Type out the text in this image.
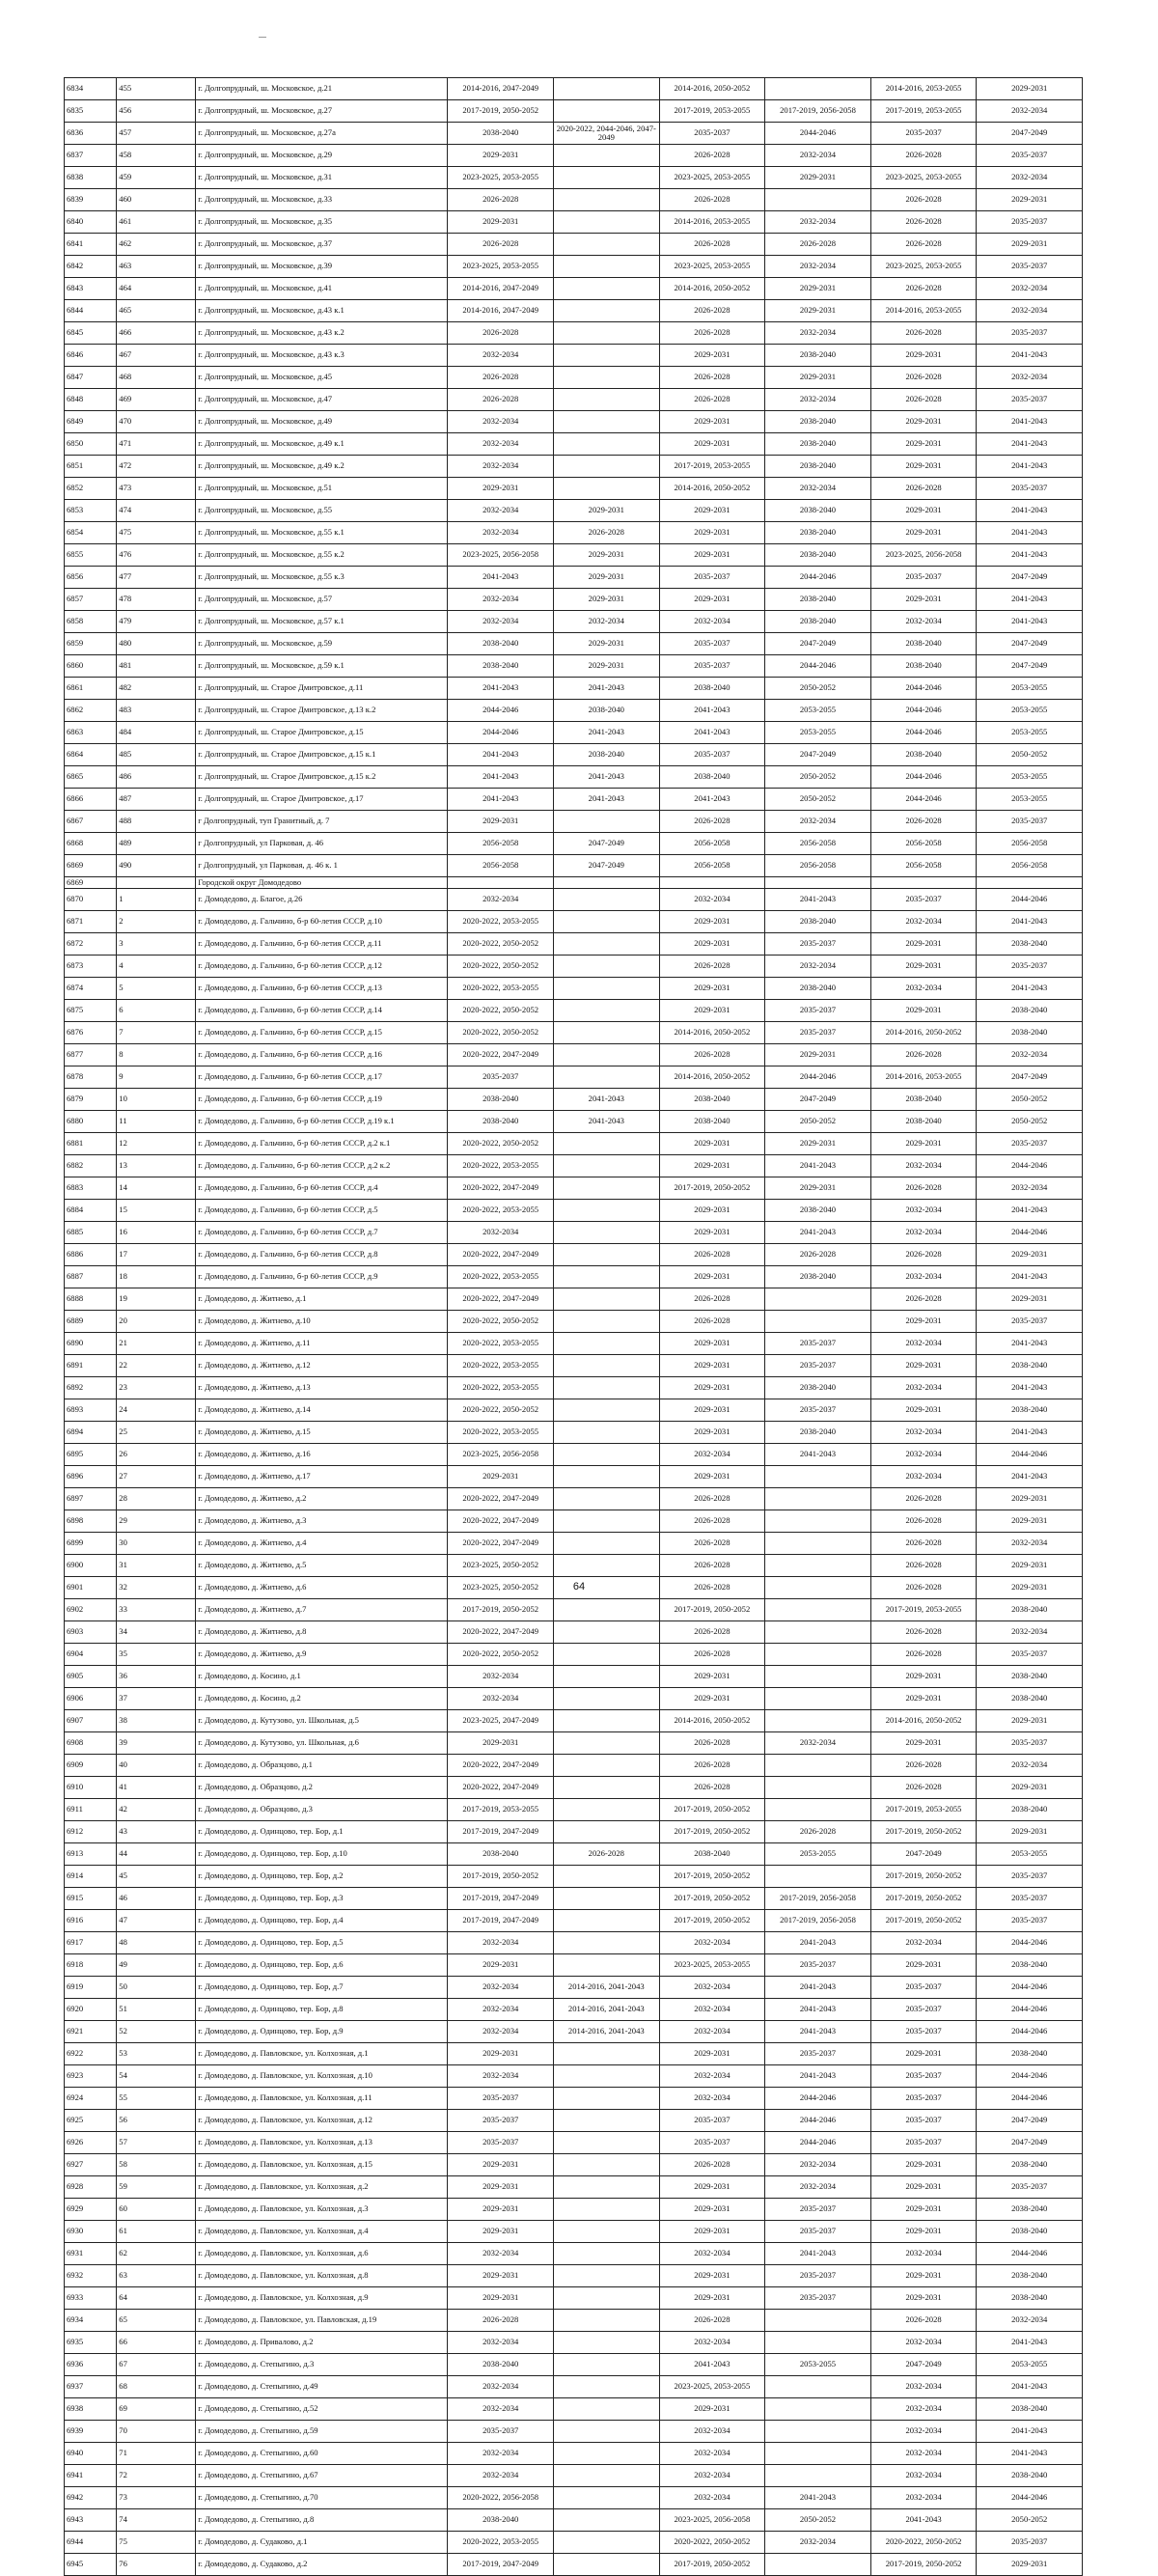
6834	455	г. Долгопрудный, ш. Московское, д.21	2014-2016, 2047-2049		2014-2016, 2050-2052		2014-2016, 2053-2055	2029-2031
6835	456	г. Долгопрудный, ш. Московское, д.27	2017-2019, 2050-2052		2017-2019, 2053-2055	2017-2019, 2056-2058	2017-2019, 2053-2055	2032-2034
6836	457	г. Долгопрудный, ш. Московское, д.27а	2038-2040	2020-2022, 2044-2046, 2047-2049	2035-2037	2044-2046	2035-2037	2047-2049
6837	458	г. Долгопрудный, ш. Московское, д.29	2029-2031		2026-2028	2032-2034	2026-2028	2035-2037
6838	459	г. Долгопрудный, ш. Московское, д.31	2023-2025, 2053-2055		2023-2025, 2053-2055	2029-2031	2023-2025, 2053-2055	2032-2034
6839	460	г. Долгопрудный, ш. Московское, д.33	2026-2028		2026-2028		2026-2028	2029-2031
6840	461	г. Долгопрудный, ш. Московское, д.35	2029-2031		2014-2016, 2053-2055	2032-2034	2026-2028	2035-2037
6841	462	г. Долгопрудный, ш. Московское, д.37	2026-2028		2026-2028	2026-2028	2026-2028	2029-2031
6842	463	г. Долгопрудный, ш. Московское, д.39	2023-2025, 2053-2055		2023-2025, 2053-2055	2032-2034	2023-2025, 2053-2055	2035-2037
6843	464	г. Долгопрудный, ш. Московское, д.41	2014-2016, 2047-2049		2014-2016, 2050-2052	2029-2031	2026-2028	2032-2034
6844	465	г. Долгопрудный, ш. Московское, д.43 к.1	2014-2016, 2047-2049		2026-2028	2029-2031	2014-2016, 2053-2055	2032-2034
6845	466	г. Долгопрудный, ш. Московское, д.43 к.2	2026-2028		2026-2028	2032-2034	2026-2028	2035-2037
6846	467	г. Долгопрудный, ш. Московское, д.43 к.3	2032-2034		2029-2031	2038-2040	2029-2031	2041-2043
6847	468	г. Долгопрудный, ш. Московское, д.45	2026-2028		2026-2028	2029-2031	2026-2028	2032-2034
6848	469	г. Долгопрудный, ш. Московское, д.47	2026-2028		2026-2028	2032-2034	2026-2028	2035-2037
6849	470	г. Долгопрудный, ш. Московское, д.49	2032-2034		2029-2031	2038-2040	2029-2031	2041-2043
6850	471	г. Долгопрудный, ш. Московское, д.49 к.1	2032-2034		2029-2031	2038-2040	2029-2031	2041-2043
6851	472	г. Долгопрудный, ш. Московское, д.49 к.2	2032-2034		2017-2019, 2053-2055	2038-2040	2029-2031	2041-2043
6852	473	г. Долгопрудный, ш. Московское, д.51	2029-2031		2014-2016, 2050-2052	2032-2034	2026-2028	2035-2037
6853	474	г. Долгопрудный, ш. Московское, д.55	2032-2034	2029-2031	2029-2031	2038-2040	2029-2031	2041-2043
6854	475	г. Долгопрудный, ш. Московское, д.55 к.1	2032-2034	2026-2028	2029-2031	2038-2040	2029-2031	2041-2043
6855	476	г. Долгопрудный, ш. Московское, д.55 к.2	2023-2025, 2056-2058	2029-2031	2029-2031	2038-2040	2023-2025, 2056-2058	2041-2043
6856	477	г. Долгопрудный, ш. Московское, д.55 к.3	2041-2043	2029-2031	2035-2037	2044-2046	2035-2037	2047-2049
6857	478	г. Долгопрудный, ш. Московское, д.57	2032-2034	2029-2031	2029-2031	2038-2040	2029-2031	2041-2043
6858	479	г. Долгопрудный, ш. Московское, д.57 к.1	2032-2034	2032-2034	2032-2034	2038-2040	2032-2034	2041-2043
6859	480	г. Долгопрудный, ш. Московское, д.59	2038-2040	2029-2031	2035-2037	2047-2049	2038-2040	2047-2049
6860	481	г. Долгопрудный, ш. Московское, д.59 к.1	2038-2040	2029-2031	2035-2037	2044-2046	2038-2040	2047-2049
6861	482	г. Долгопрудный, ш. Старое Дмитровское, д.11	2041-2043	2041-2043	2038-2040	2050-2052	2044-2046	2053-2055
6862	483	г. Долгопрудный, ш. Старое Дмитровское, д.13 к.2	2044-2046	2038-2040	2041-2043	2053-2055	2044-2046	2053-2055
6863	484	г. Долгопрудный, ш. Старое Дмитровское, д.15	2044-2046	2041-2043	2041-2043	2053-2055	2044-2046	2053-2055
6864	485	г. Долгопрудный, ш. Старое Дмитровское, д.15 к.1	2041-2043	2038-2040	2035-2037	2047-2049	2038-2040	2050-2052
6865	486	г. Долгопрудный, ш. Старое Дмитровское, д.15 к.2	2041-2043	2041-2043	2038-2040	2050-2052	2044-2046	2053-2055
6866	487	г. Долгопрудный, ш. Старое Дмитровское, д.17	2041-2043	2041-2043	2041-2043	2050-2052	2044-2046	2053-2055
6867	488	г Долгопрудный, туп Гранитный, д. 7	2029-2031		2026-2028	2032-2034	2026-2028	2035-2037
6868	489	г Долгопрудный, ул Парковая, д. 46	2056-2058	2047-2049	2056-2058	2056-2058	2056-2058	2056-2058
6869	490	г Долгопрудный, ул Парковая, д. 46 к. 1	2056-2058	2047-2049	2056-2058	2056-2058	2056-2058	2056-2058
6869		Городской округ Домодедово						
6870	1	г. Домодедово, д. Благое, д.26	2032-2034		2032-2034	2041-2043	2035-2037	2044-2046
6871	2	г. Домодедово, д. Гальчино, б-р 60-летия СССР, д.10	2020-2022, 2053-2055		2029-2031	2038-2040	2032-2034	2041-2043
6872	3	г. Домодедово, д. Гальчино, б-р 60-летия СССР, д.11	2020-2022, 2050-2052		2029-2031	2035-2037	2029-2031	2038-2040
6873	4	г. Домодедово, д. Гальчино, б-р 60-летия СССР, д.12	2020-2022, 2050-2052		2026-2028	2032-2034	2029-2031	2035-2037
6874	5	г. Домодедово, д. Гальчино, б-р 60-летия СССР, д.13	2020-2022, 2053-2055		2029-2031	2038-2040	2032-2034	2041-2043
6875	6	г. Домодедово, д. Гальчино, б-р 60-летия СССР, д.14	2020-2022, 2050-2052		2029-2031	2035-2037	2029-2031	2038-2040
6876	7	г. Домодедово, д. Гальчино, б-р 60-летия СССР, д.15	2020-2022, 2050-2052		2014-2016, 2050-2052	2035-2037	2014-2016, 2050-2052	2038-2040
6877	8	г. Домодедово, д. Гальчино, б-р 60-летия СССР, д.16	2020-2022, 2047-2049		2026-2028	2029-2031	2026-2028	2032-2034
6878	9	г. Домодедово, д. Гальчино, б-р 60-летия СССР, д.17	2035-2037		2014-2016, 2050-2052	2044-2046	2014-2016, 2053-2055	2047-2049
6879	10	г. Домодедово, д. Гальчино, б-р 60-летия СССР, д.19	2038-2040	2041-2043	2038-2040	2047-2049	2038-2040	2050-2052
6880	11	г. Домодедово, д. Гальчино, б-р 60-летия СССР, д.19 к.1	2038-2040	2041-2043	2038-2040	2050-2052	2038-2040	2050-2052
6881	12	г. Домодедово, д. Гальчино, б-р 60-летия СССР, д.2 к.1	2020-2022, 2050-2052		2029-2031	2029-2031	2029-2031	2035-2037
6882	13	г. Домодедово, д. Гальчино, б-р 60-летия СССР, д.2 к.2	2020-2022, 2053-2055		2029-2031	2041-2043	2032-2034	2044-2046
6883	14	г. Домодедово, д. Гальчино, б-р 60-летия СССР, д.4	2020-2022, 2047-2049		2017-2019, 2050-2052	2029-2031	2026-2028	2032-2034
6884	15	г. Домодедово, д. Гальчино, б-р 60-летия СССР, д.5	2020-2022, 2053-2055		2029-2031	2038-2040	2032-2034	2041-2043
6885	16	г. Домодедово, д. Гальчино, б-р 60-летия СССР, д.7	2032-2034		2029-2031	2041-2043	2032-2034	2044-2046
6886	17	г. Домодедово, д. Гальчино, б-р 60-летия СССР, д.8	2020-2022, 2047-2049		2026-2028	2026-2028	2026-2028	2029-2031
6887	18	г. Домодедово, д. Гальчино, б-р 60-летия СССР, д.9	2020-2022, 2053-2055		2029-2031	2038-2040	2032-2034	2041-2043
6888	19	г. Домодедово, д. Житнево, д.1	2020-2022, 2047-2049		2026-2028		2026-2028	2029-2031
6889	20	г. Домодедово, д. Житнево, д.10	2020-2022, 2050-2052		2026-2028		2029-2031	2035-2037
6890	21	г. Домодедово, д. Житнево, д.11	2020-2022, 2053-2055		2029-2031	2035-2037	2032-2034	2041-2043
6891	22	г. Домодедово, д. Житнево, д.12	2020-2022, 2053-2055		2029-2031	2035-2037	2029-2031	2038-2040
6892	23	г. Домодедово, д. Житнево, д.13	2020-2022, 2053-2055		2029-2031	2038-2040	2032-2034	2041-2043
6893	24	г. Домодедово, д. Житнево, д.14	2020-2022, 2050-2052		2029-2031	2035-2037	2029-2031	2038-2040
6894	25	г. Домодедово, д. Житнево, д.15	2020-2022, 2053-2055		2029-2031	2038-2040	2032-2034	2041-2043
6895	26	г. Домодедово, д. Житнево, д.16	2023-2025, 2056-2058		2032-2034	2041-2043	2032-2034	2044-2046
6896	27	г. Домодедово, д. Житнево, д.17	2029-2031		2029-2031		2032-2034	2041-2043
6897	28	г. Домодедово, д. Житнево, д.2	2020-2022, 2047-2049		2026-2028		2026-2028	2029-2031
6898	29	г. Домодедово, д. Житнево, д.3	2020-2022, 2047-2049		2026-2028		2026-2028	2029-2031
6899	30	г. Домодедово, д. Житнево, д.4	2020-2022, 2047-2049		2026-2028		2026-2028	2032-2034
6900	31	г. Домодедово, д. Житнево, д.5	2023-2025, 2050-2052		2026-2028		2026-2028	2029-2031
6901	32	г. Домодедово, д. Житнево, д.6	2023-2025, 2050-2052		2026-2028		2026-2028	2029-2031
6902	33	г. Домодедово, д. Житнево, д.7	2017-2019, 2050-2052		2017-2019, 2050-2052		2017-2019, 2053-2055	2038-2040
6903	34	г. Домодедово, д. Житнево, д.8	2020-2022, 2047-2049		2026-2028		2026-2028	2032-2034
6904	35	г. Домодедово, д. Житнево, д.9	2020-2022, 2050-2052		2026-2028		2026-2028	2035-2037
6905	36	г. Домодедово, д. Косино, д.1	2032-2034		2029-2031		2029-2031	2038-2040
6906	37	г. Домодедово, д. Косино, д.2	2032-2034		2029-2031		2029-2031	2038-2040
6907	38	г. Домодедово, д. Кутузово, ул. Школьная, д.5	2023-2025, 2047-2049		2014-2016, 2050-2052		2014-2016, 2050-2052	2029-2031
6908	39	г. Домодедово, д. Кутузово, ул. Школьная, д.6	2029-2031		2026-2028	2032-2034	2029-2031	2035-2037
6909	40	г. Домодедово, д. Образцово, д.1	2020-2022, 2047-2049		2026-2028		2026-2028	2032-2034
6910	41	г. Домодедово, д. Образцово, д.2	2020-2022, 2047-2049		2026-2028		2026-2028	2029-2031
6911	42	г. Домодедово, д. Образцово, д.3	2017-2019, 2053-2055		2017-2019, 2050-2052		2017-2019, 2053-2055	2038-2040
6912	43	г. Домодедово, д. Одинцово, тер. Бор, д.1	2017-2019, 2047-2049		2017-2019, 2050-2052	2026-2028	2017-2019, 2050-2052	2029-2031
6913	44	г. Домодедово, д. Одинцово, тер. Бор, д.10	2038-2040	2026-2028	2038-2040	2053-2055	2047-2049	2053-2055
6914	45	г. Домодедово, д. Одинцово, тер. Бор, д.2	2017-2019, 2050-2052		2017-2019, 2050-2052		2017-2019, 2050-2052	2035-2037
6915	46	г. Домодедово, д. Одинцово, тер. Бор, д.3	2017-2019, 2047-2049		2017-2019, 2050-2052	2017-2019, 2056-2058	2017-2019, 2050-2052	2035-2037
6916	47	г. Домодедово, д. Одинцово, тер. Бор, д.4	2017-2019, 2047-2049		2017-2019, 2050-2052	2017-2019, 2056-2058	2017-2019, 2050-2052	2035-2037
6917	48	г. Домодедово, д. Одинцово, тер. Бор, д.5	2032-2034		2032-2034	2041-2043	2032-2034	2044-2046
6918	49	г. Домодедово, д. Одинцово, тер. Бор, д.6	2029-2031		2023-2025, 2053-2055	2035-2037	2029-2031	2038-2040
6919	50	г. Домодедово, д. Одинцово, тер. Бор, д.7	2032-2034	2014-2016, 2041-2043	2032-2034	2041-2043	2035-2037	2044-2046
6920	51	г. Домодедово, д. Одинцово, тер. Бор, д.8	2032-2034	2014-2016, 2041-2043	2032-2034	2041-2043	2035-2037	2044-2046
6921	52	г. Домодедово, д. Одинцово, тер. Бор, д.9	2032-2034	2014-2016, 2041-2043	2032-2034	2041-2043	2035-2037	2044-2046
6922	53	г. Домодедово, д. Павловское, ул. Колхозная, д.1	2029-2031		2029-2031	2035-2037	2029-2031	2038-2040
6923	54	г. Домодедово, д. Павловское, ул. Колхозная, д.10	2032-2034		2032-2034	2041-2043	2035-2037	2044-2046
6924	55	г. Домодедово, д. Павловское, ул. Колхозная, д.11	2035-2037		2032-2034	2044-2046	2035-2037	2044-2046
6925	56	г. Домодедово, д. Павловское, ул. Колхозная, д.12	2035-2037		2035-2037	2044-2046	2035-2037	2047-2049
6926	57	г. Домодедово, д. Павловское, ул. Колхозная, д.13	2035-2037		2035-2037	2044-2046	2035-2037	2047-2049
6927	58	г. Домодедово, д. Павловское, ул. Колхозная, д.15	2029-2031		2026-2028	2032-2034	2029-2031	2038-2040
6928	59	г. Домодедово, д. Павловское, ул. Колхозная, д.2	2029-2031		2029-2031	2032-2034	2029-2031	2035-2037
6929	60	г. Домодедово, д. Павловское, ул. Колхозная, д.3	2029-2031		2029-2031	2035-2037	2029-2031	2038-2040
6930	61	г. Домодедово, д. Павловское, ул. Колхозная, д.4	2029-2031		2029-2031	2035-2037	2029-2031	2038-2040
6931	62	г. Домодедово, д. Павловское, ул. Колхозная, д.6	2032-2034		2032-2034	2041-2043	2032-2034	2044-2046
6932	63	г. Домодедово, д. Павловское, ул. Колхозная, д.8	2029-2031		2029-2031	2035-2037	2029-2031	2038-2040
6933	64	г. Домодедово, д. Павловское, ул. Колхозная, д.9	2029-2031		2029-2031	2035-2037	2029-2031	2038-2040
6934	65	г. Домодедово, д. Павловское, ул. Павловская, д.19	2026-2028		2026-2028		2026-2028	2032-2034
6935	66	г. Домодедово, д. Привалово, д.2	2032-2034		2032-2034		2032-2034	2041-2043
6936	67	г. Домодедово, д. Степыгино, д.3	2038-2040		2041-2043	2053-2055	2047-2049	2053-2055
6937	68	г. Домодедово, д. Степыгино, д.49	2032-2034		2023-2025, 2053-2055		2032-2034	2041-2043
6938	69	г. Домодедово, д. Степыгино, д.52	2032-2034		2029-2031		2032-2034	2038-2040
6939	70	г. Домодедово, д. Степыгино, д.59	2035-2037		2032-2034		2032-2034	2041-2043
6940	71	г. Домодедово, д. Степыгино, д.60	2032-2034		2032-2034		2032-2034	2041-2043
6941	72	г. Домодедово, д. Степыгино, д.67	2032-2034		2032-2034		2032-2034	2038-2040
6942	73	г. Домодедово, д. Степыгино, д.70	2020-2022, 2056-2058		2032-2034	2041-2043	2032-2034	2044-2046
6943	74	г. Домодедово, д. Степыгино, д.8	2038-2040		2023-2025, 2056-2058	2050-2052	2041-2043	2050-2052
6944	75	г. Домодедово, д. Судаково, д.1	2020-2022, 2053-2055		2020-2022, 2050-2052	2032-2034	2020-2022, 2050-2052	2035-2037
6945	76	г. Домодедово, д. Судаково, д.2	2017-2019, 2047-2049		2017-2019, 2050-2052		2017-2019, 2050-2052	2029-2031
64
